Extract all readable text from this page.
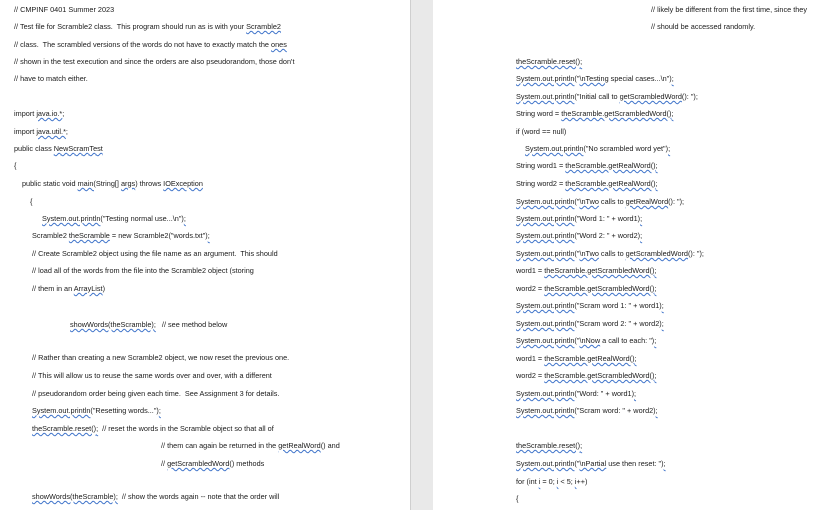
// CMPINF 0401 Summer 2023
// Test file for Scramble2 class.  This program should run as is with your Scramble2
// class.  The scrambled versions of the words do not have to exactly match the ones
// shown in the test execution and since the orders are also pseudorandom, those don't
// have to match either.
import java.io.*;
import java.util.*;
public class NewScramTest
{
public static void main(String[] args) throws IOException
{
System.out.println("Testing normal use...\n");
Scramble2 theScramble = new Scramble2("words.txt");
// Create Scramble2 object using the file name as an argument.  This should
// load all of the words from the file into the Scramble2 object (storing
// them in an ArrayList)
showWords(theScramble);   // see method below
// Rather than creating a new Scramble2 object, we now reset the previous one.
// This will allow us to reuse the same words over and over, with a different
// pseudorandom order being given each time.  See Assignment 3 for details.
System.out.println("Resetting words...");
theScramble.reset();  // reset the words in the Scramble object so that all of
// them can again be returned in the getRealWord() and
// getScrambledWord() methods
showWords(theScramble);  // show the words again -- note that the order will
// likely be different from the first time, since they
// should be accessed randomly.
theScramble.reset();
System.out.println("\nTesting special cases...\n");
System.out.println("Initial call to getScrambledWord(): ");
String word = theScramble.getScrambledWord();
if (word == null)
System.out.println("No scrambled word yet");
String word1 = theScramble.getRealWord();
String word2 = theScramble.getRealWord();
System.out.println("\nTwo calls to getRealWord(): ");
System.out.println("Word 1: " + word1);
System.out.println("Word 2: " + word2);
System.out.println("\nTwo calls to getScrambledWord(): ");
word1 = theScramble.getScrambledWord();
word2 = theScramble.getScrambledWord();
System.out.println("Scram word 1: " + word1);
System.out.println("Scram word 2: " + word2);
System.out.println("\nNow a call to each: ");
word1 = theScramble.getRealWord();
word2 = theScramble.getScrambledWord();
System.out.println("Word: " + word1);
System.out.println("Scram word: " + word2);
theScramble.reset();
System.out.println("\nPartial use then reset: ");
for (int i = 0; i < 5; i++)
{
